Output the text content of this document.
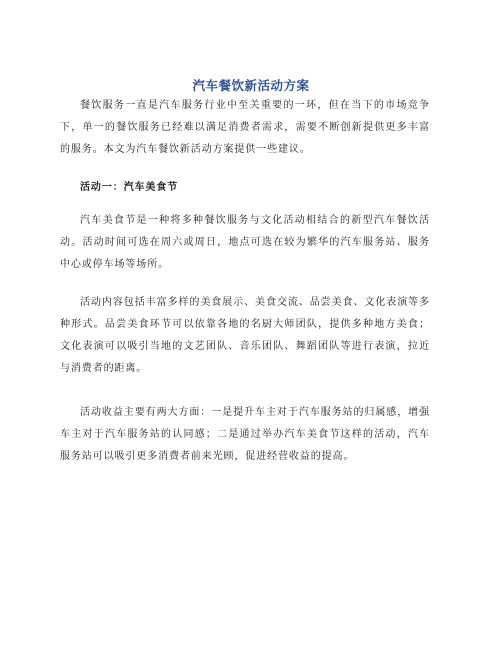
汽车餐饮新活动方案

餐饮服务一直是汽车服务行业中至关重要的一环，但在当下的市场竞争下，单一的餐饮服务已经难以满足消费者需求，需要不断创新提供更多丰富的服务。本文为汽车餐饮新活动方案提供一些建议。

活动一：汽车美食节

汽车美食节是一种将多种餐饮服务与文化活动相结合的新型汽车餐饮活动。活动时间可选在周六或周日，地点可选在较为繁华的汽车服务站、服务中心或停车场等场所。

活动内容包括丰富多样的美食展示、美食交流、品尝美食、文化表演等多种形式。品尝美食环节可以依靠各地的名厨大师团队，提供多种地方美食；文化表演可以吸引当地的文艺团队、音乐团队、舞蹈团队等进行表演，拉近与消费者的距离。

活动收益主要有两大方面：一是提升车主对于汽车服务站的归属感，增强车主对于汽车服务站的认同感；二是通过举办汽车美食节这样的活动，汽车服务站可以吸引更多消费者前来光顾，促进经营收益的提高。
